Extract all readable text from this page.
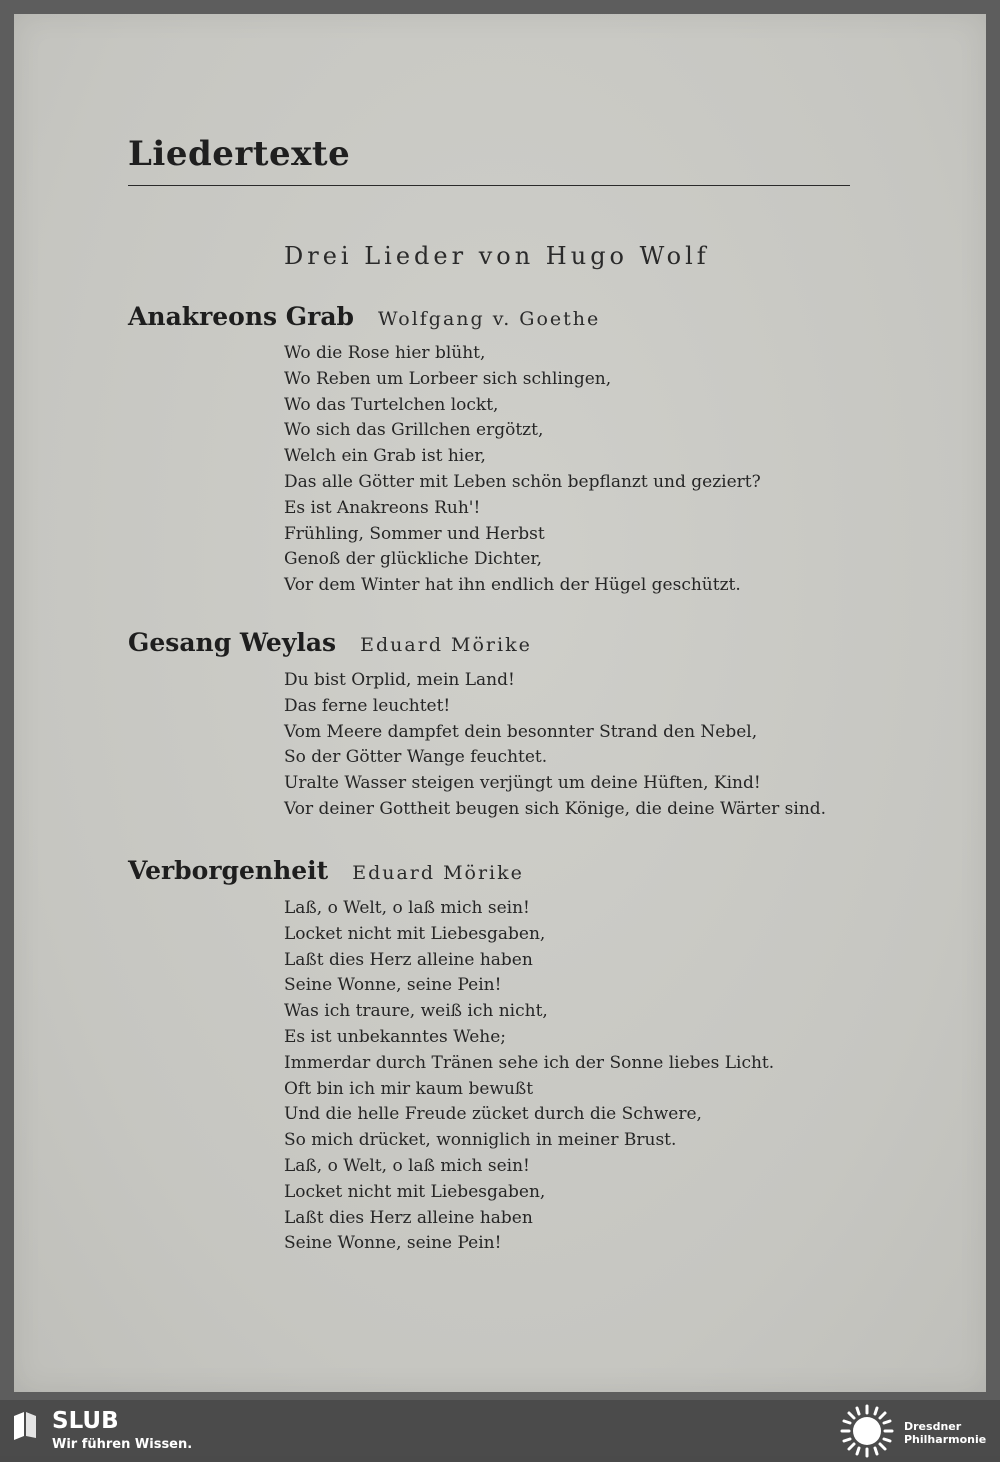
Liedertexte
Drei Lieder von Hugo Wolf
Anakreons Grab Wolfgang v. Goethe
Wo die Rose hier blüht,
Wo Reben um Lorbeer sich schlingen,
Wo das Turtelchen lockt,
Wo sich das Grillchen ergötzt,
Welch ein Grab ist hier,
Das alle Götter mit Leben schön bepflanzt und geziert?
Es ist Anakreons Ruh'!
Frühling, Sommer und Herbst
Genoß der glückliche Dichter,
Vor dem Winter hat ihn endlich der Hügel geschützt.
Gesang Weylas Eduard Mörike
Du bist Orplid, mein Land!
Das ferne leuchtet!
Vom Meere dampfet dein besonnter Strand den Nebel,
So der Götter Wange feuchtet.
Uralte Wasser steigen verjüngt um deine Hüften, Kind!
Vor deiner Gottheit beugen sich Könige, die deine Wärter sind.
Verborgenheit Eduard Mörike
Laß, o Welt, o laß mich sein!
Locket nicht mit Liebesgaben,
Laßt dies Herz alleine haben
Seine Wonne, seine Pein!
Was ich traure, weiß ich nicht,
Es ist unbekanntes Wehe;
Immerdar durch Tränen sehe ich der Sonne liebes Licht.
Oft bin ich mir kaum bewußt
Und die helle Freude zücket durch die Schwere,
So mich drücket, wonniglich in meiner Brust.
Laß, o Welt, o laß mich sein!
Locket nicht mit Liebesgaben,
Laßt dies Herz alleine haben
Seine Wonne, seine Pein!
SLUB
Wir führen Wissen.
Dresdner
Philharmonie
